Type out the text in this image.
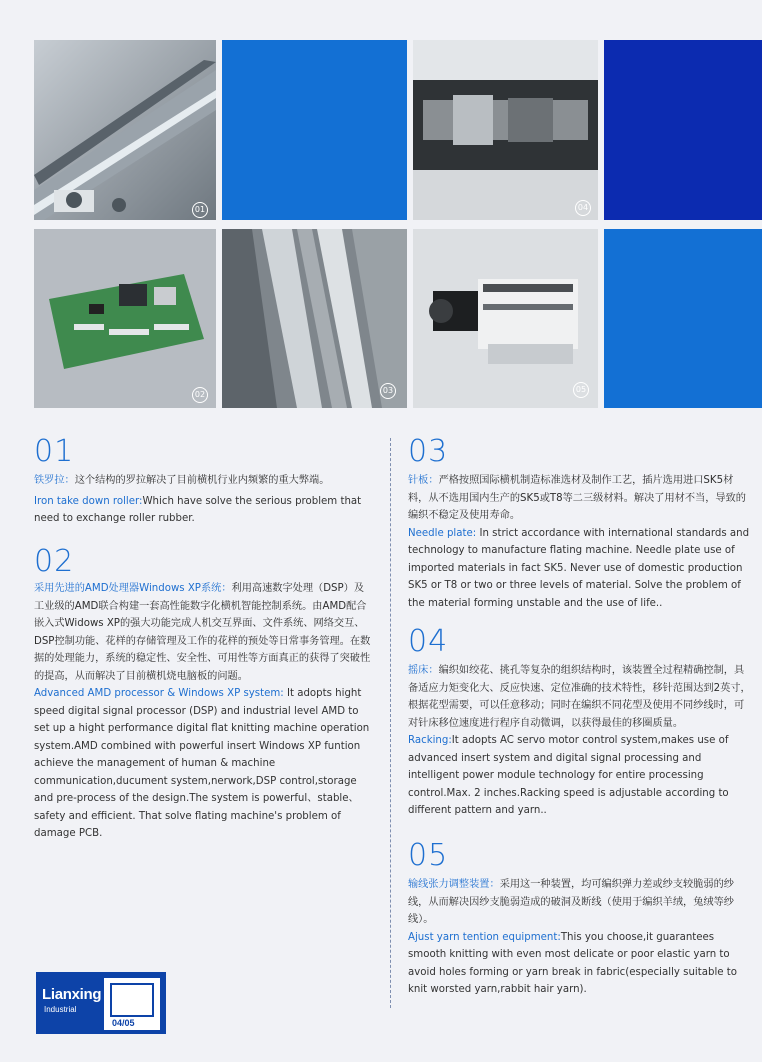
01	04
02	03	05
01
铁罗拉：这个结构的罗拉解决了目前横机行业内频繁的重大弊端。
Iron take down roller:Which have solve the serious problem that need to exchange roller rubber.
02
采用先进的AMD处理器Windows XP系统：利用高速数字处理（DSP）及工业级的AMD联合构建一套高性能数字化横机智能控制系统。由AMD配合嵌入式Widows XP的强大功能完成人机交互界面、文件系统、网络交互、DSP控制功能、花样的存储管理及工作的花样的预处等日常事务管理。在数据的处理能力，系统的稳定性、安全性、可用性等方面真正的获得了突破性的提高，从而解决了目前横机烧电脑板的问题。
Advanced AMD processor & Windows XP system: It adopts hight speed digital signal processor (DSP) and industrial level AMD to set up a hight performance digital flat knitting machine operation system.AMD combined with powerful insert Windows XP funtion achieve the management of human & machine communication,ducument system,nerwork,DSP control,storage and pre-process of the design.The system is powerful、stable、safety and efficient. That solve flating machine's problem of damage PCB.
03
针板：严格按照国际横机制造标准选材及制作工艺，插片选用进口SK5材料，从不选用国内生产的SK5或T8等二三级材料。解决了用材不当，导致的编织不稳定及使用寿命。
Needle plate: In strict accordance with international standards and technology to manufacture flating machine. Needle plate use of imported materials in fact SK5. Never use of domestic production SK5 or T8 or two or three levels of material. Solve the problem of the material forming unstable and the use of life..
04
摇床：编织如绞花、挑孔等复杂的组织结构时，该装置全过程精确控制，具备适应力矩变化大、反应快速、定位准确的技术特性，移针范围达到2英寸，根据花型需要，可以任意移动；同时在编织不同花型及使用不同纱线时，可对针床移位速度进行程序自动微调，以获得最佳的移圈质量。
Racking:It adopts AC servo motor control system,makes use of advanced insert system and digital signal processing and intelligent power module technology for entire processing control.Max. 2 inches.Racking speed is adjustable according to different pattern and yarn..
05
输线张力调整装置：采用这一种装置，均可编织弹力差或纱支较脆弱的纱线，从而解决因纱支脆弱造成的破洞及断线（使用于编织羊绒，兔绒等纱线）。
Ajust yarn tention equipment:This you choose,it guarantees smooth knitting with even most delicate or poor elastic yarn to avoid holes forming or yarn break in fabric(especially suitable to knit worsted yarn,rabbit hair yarn).
Lianxing
Industrial
04/05
